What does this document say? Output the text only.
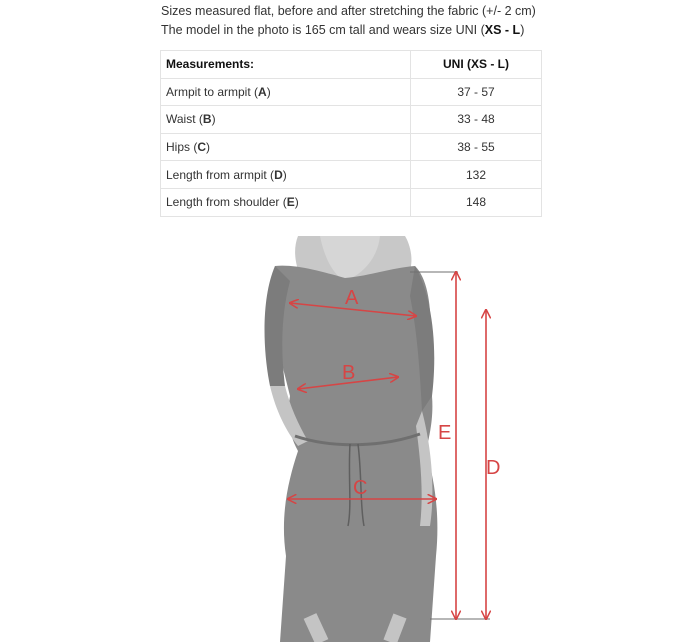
Sizes measured flat, before and after stretching the fabric (+/- 2 cm)
The model in the photo is 165 cm tall and wears size UNI (XS - L)
Measurements:	UNI (XS - L)
Armpit to armpit (A)	37 - 57
Waist (B)	33 - 48
Hips (C)	38 - 55
Length from armpit (D)	132
Length from shoulder (E)	148
A
B
C
E
D
